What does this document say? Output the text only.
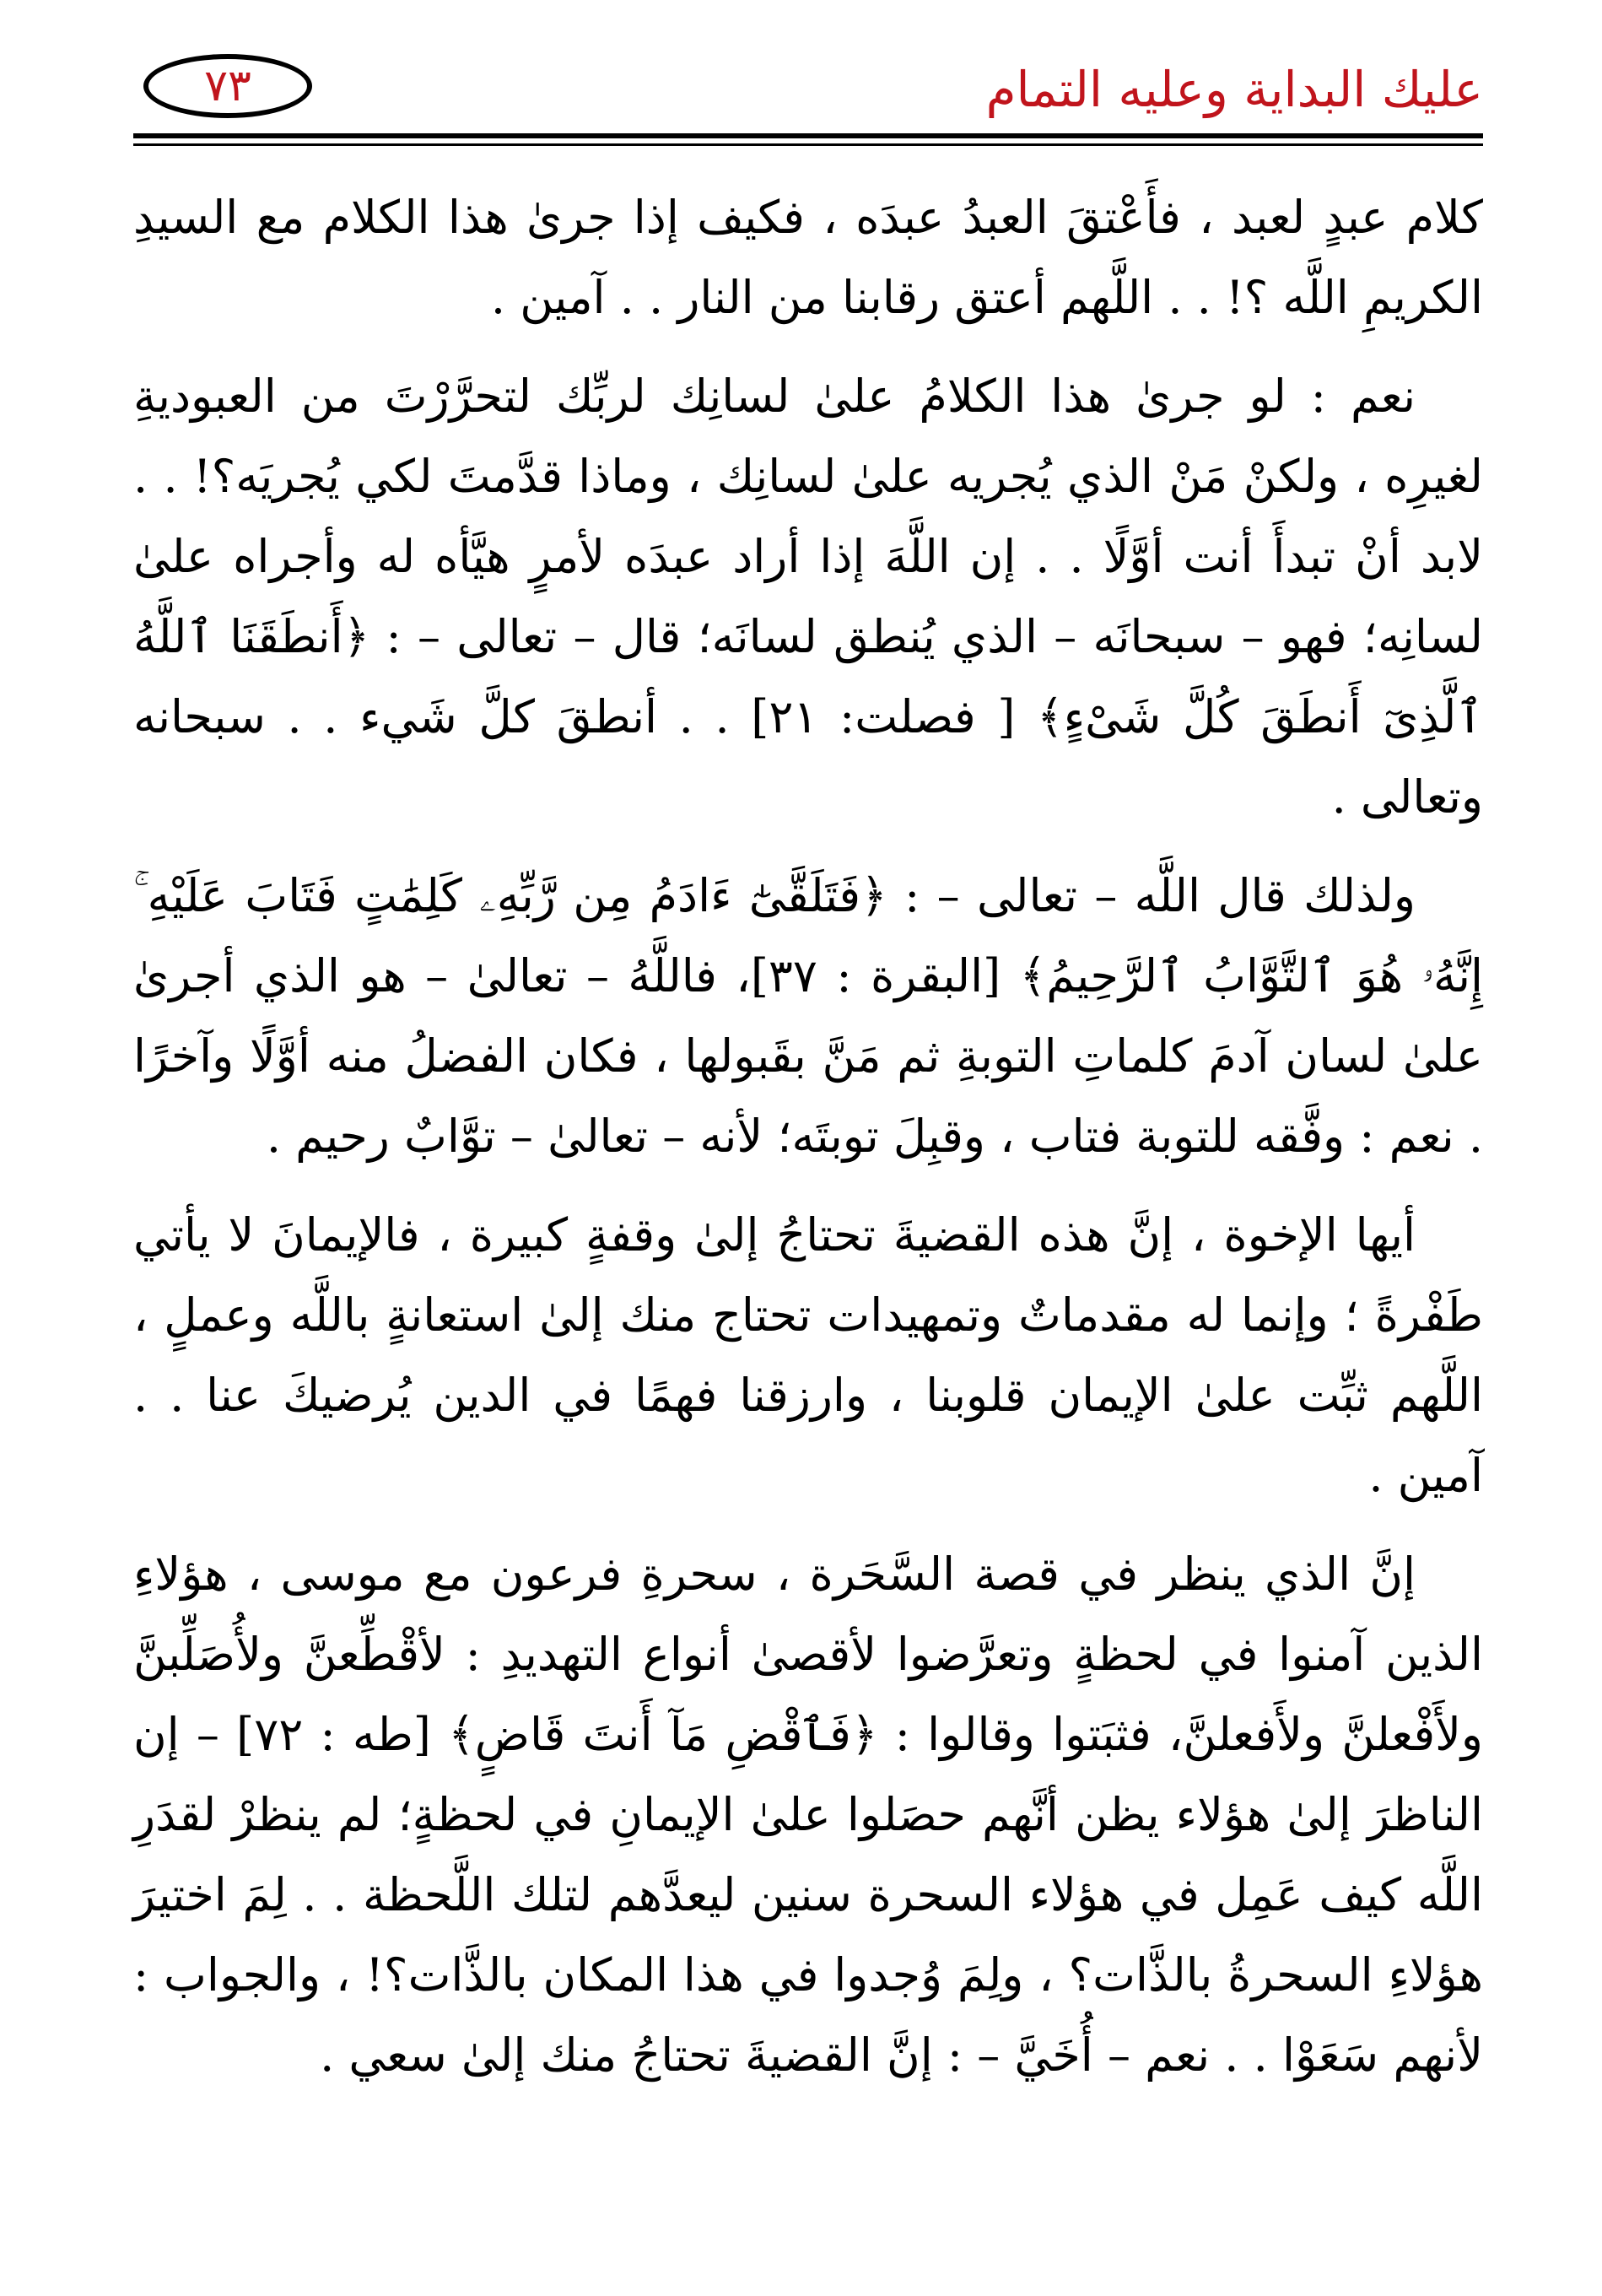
عليك البداية وعليه التمام
٧٣

كلام عبدٍ لعبد ، فأَعْتقَ العبدُ عبدَه ، فكيف إذا جرىٰ هذا الكلام مع السيدِ الكريمِ اللَّه ؟! . . اللَّهم أعتق رقابنا من النار . . آمين .

نعم : لو جرىٰ هذا الكلامُ علىٰ لسانِك لربِّك لتحرَّرْتَ من العبوديةِ لغيرِه ، ولكنْ مَنْ الذي يُجريه علىٰ لسانِك ، وماذا قدَّمتَ لكي يُجريَه؟! . . لابد أنْ تبدأَ أنت أوَّلًا . . إن اللَّهَ إذا أراد عبدَه لأمرٍ هيَّأه له وأجراه علىٰ لسانِه؛ فهو – سبحانَه – الذي يُنطق لسانَه؛ قال – تعالى – : ﴿أَنطَقَنَا ٱللَّهُ ٱلَّذِىٓ أَنطَقَ كُلَّ شَىْءٍ﴾ [ فصلت: ٢١] . . أنطقَ كلَّ شَيء . . سبحانه وتعالى .

ولذلك قال اللَّه – تعالى – : ﴿فَتَلَقَّىٰٓ ءَادَمُ مِن رَّبِّهِۦ كَلِمَٰتٍ فَتَابَ عَلَيْهِ ۚ إِنَّهُۥ هُوَ ٱلتَّوَّابُ ٱلرَّحِيمُ﴾ [البقرة : ٣٧]، فاللَّهُ – تعالىٰ – هو الذي أجرىٰ علىٰ لسان آدمَ كلماتِ التوبةِ ثم مَنَّ بقَبولها ، فكان الفضلُ منه أوَّلًا وآخرًا . نعم : وفَّقه للتوبة فتاب ، وقبِلَ توبتَه؛ لأنه – تعالىٰ – توَّابٌ رحيم .

أيها الإخوة ، إنَّ هذه القضيةَ تحتاجُ إلىٰ وقفةٍ كبيرة ، فالإيمانَ لا يأتي طَفْرةً ؛ وإنما له مقدماتٌ وتمهيدات تحتاج منك إلىٰ استعانةٍ باللَّه وعملٍ ، اللَّهم ثبِّت علىٰ الإيمان قلوبنا ، وارزقنا فهمًا في الدين يُرضيكَ عنا . . آمين .

إنَّ الذي ينظر في قصة السَّحَرة ، سحرةِ فرعون مع موسى ، هؤلاءِ الذين آمنوا في لحظةٍ وتعرَّضوا لأقصىٰ أنواع التهديدِ : لأقْطِّعنَّ ولأُصَلِّبنَّ ولأَفْعلنَّ ولأَفعلنَّ، فثبَتوا وقالوا : ﴿فَٱقْضِ مَآ أَنتَ قَاضٍ﴾ [طه : ٧٢] – إن الناظرَ إلىٰ هؤلاء يظن أنَّهم حصَلوا علىٰ الإيمانِ في لحظةٍ؛ لم ينظرْ لقدَرِ اللَّه كيف عَمِل في هؤلاء السحرة سنين ليعدَّهم لتلك اللَّحظة . . لِمَ اختيرَ هؤلاءِ السحرةُ بالذَّات؟ ، ولِمَ وُجدوا في هذا المكان بالذَّات؟! ، والجواب : لأنهم سَعَوْا . . نعم – أُخَيَّ – : إنَّ القضيةَ تحتاجُ منك إلىٰ سعي .
